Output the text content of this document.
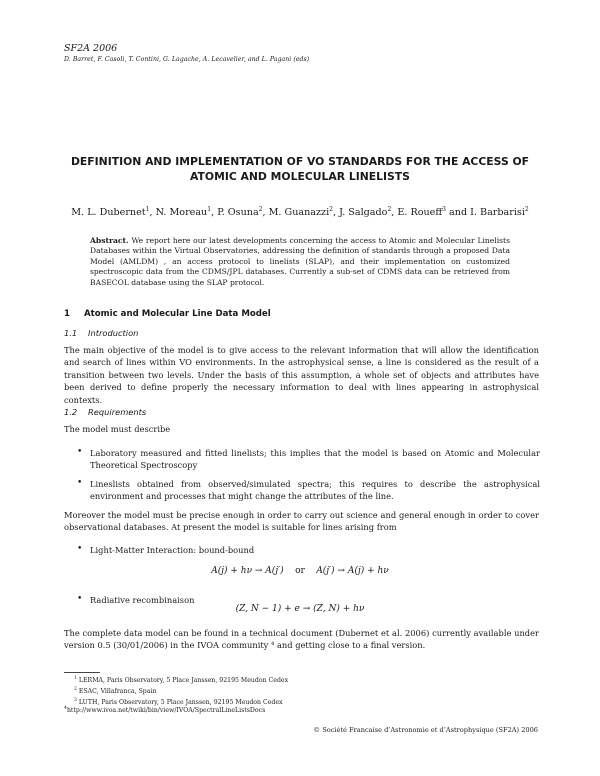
SF2A 2006
D. Barret, F. Casoli, T. Contini, G. Lagache, A. Lecavelier, and L. Pagani (eds)
DEFINITION AND IMPLEMENTATION OF VO STANDARDS FOR THE ACCESS OF
ATOMIC AND MOLECULAR LINELISTS
M. L. Dubernet$^1$, N. Moreau$^1$, P. Osuna$^2$, M. Guanazzi$^2$, J. Salgado$^2$, E. Roueff$^3$ and I. Barbarisi$^2$
Abstract. We report here our latest developments concerning the access to Atomic and Molecular Linelists Databases within the Virtual Observatories, addressing the definition of standards through a proposed Data Model (AMLDM) , an access protocol to linelists (SLAP), and their implementation on customized spectroscopic data from the CDMS/JPL databases. Currently a sub-set of CDMS data can be retrieved from BASECOL database using the SLAP protocol.
1 Atomic and Molecular Line Data Model
1.1 Introduction
The main objective of the model is to give access to the relevant information that will allow the identification and search of lines within VO environments. In the astrophysical sense, a line is considered as the result of a transition between two levels. Under the basis of this assumption, a whole set of objects and attributes have been derived to define properly the necessary information to deal with lines appearing in astrophysical contexts.
1.2 Requirements
The model must describe
• Laboratory measured and fitted linelists; this implies that the model is based on Atomic and Molecular Theoretical Spectroscopy
• Lineslists obtained from observed/simulated spectra; this requires to describe the astrophysical environment and processes that might change the attributes of the line.
Moreover the model must be precise enough in order to carry out science and general enough in order to cover observational databases. At present the model is suitable for lines arising from
• Light-Matter Interaction: bound-bound
A(j) + hν → A(j′) or A(j′) → A(j) + hν
• Radiative recombinaison
(Z, N − 1) + e → (Z, N) + hν
The complete data model can be found in a technical document (Dubernet et al. 2006) currently available under version 0.5 (30/01/2006) in the IVOA community ⁴ and getting close to a final version.
$^1$ LERMA, Paris Observatory, 5 Place Janssen, 92195 Meudon Cedex
$^2$ ESAC, Villafranca, Spain
$^3$ LUTH, Paris Observatory, 5 Place Janssen, 92195 Meudon Cedex
$^4$http://www.ivoa.net/twiki/bin/view/IVOA/SpectralLineListsDocs
© Société Francaise d’Astronomie et d’Astrophysique (SF2A) 2006
